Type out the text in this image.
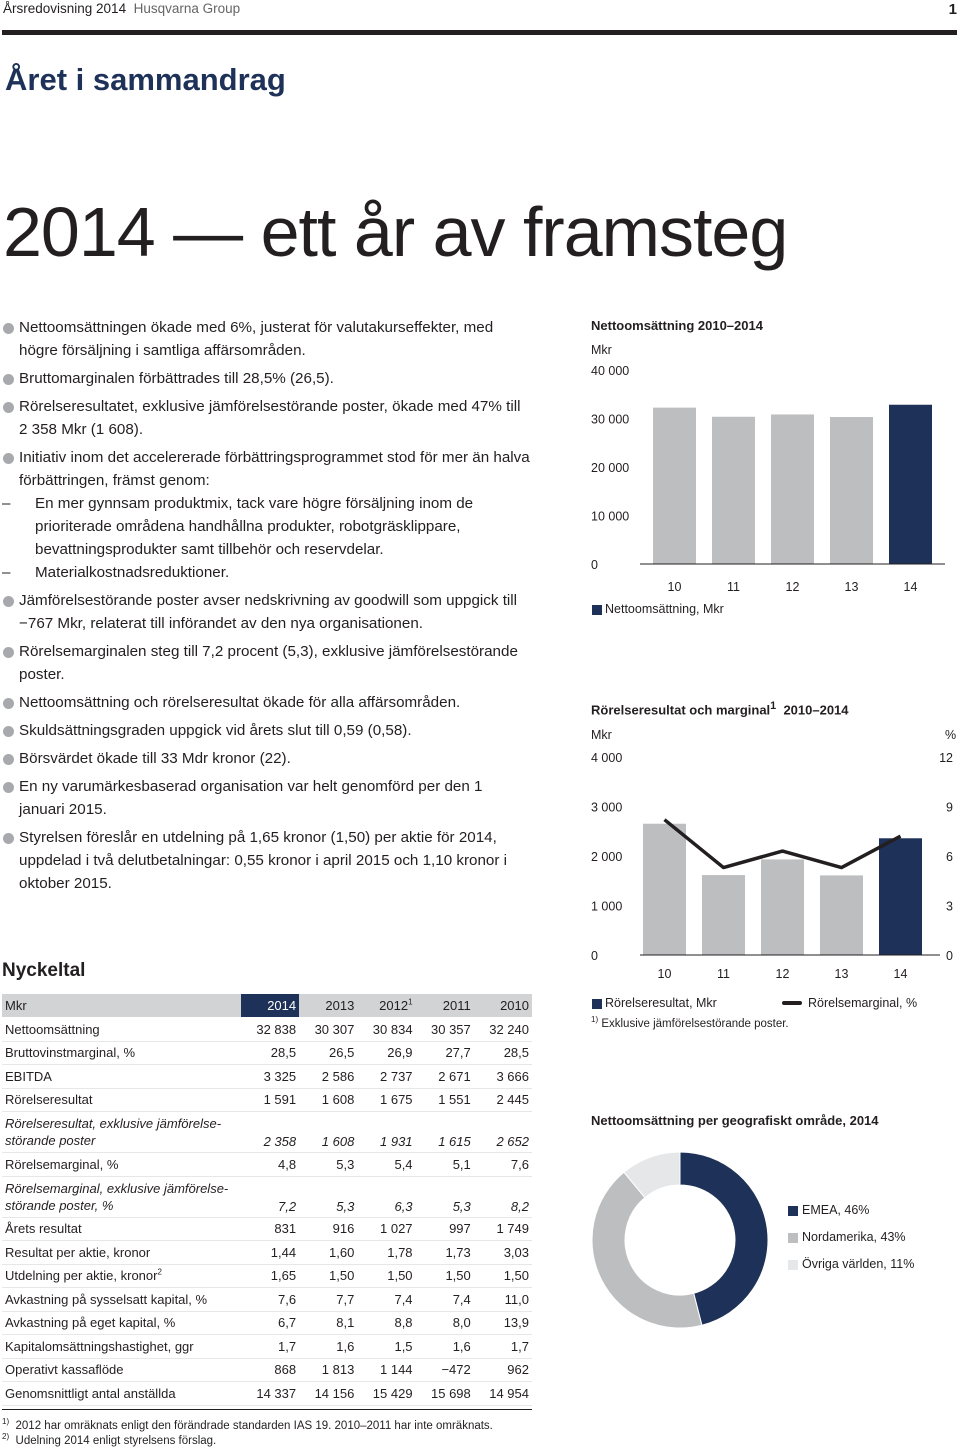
Årsredovisning 2014 Husqvarna Group	1
Året i sammandrag
2014 — ett år av framsteg
Nettoomsättningen ökade med 6%, justerat för valutakurseffekter, med högre försäljning i samtliga affärsområden.
Bruttomarginalen förbättrades till 28,5% (26,5).
Rörelseresultatet, exklusive jämförelsestörande poster, ökade med 47% till 2 358 Mkr (1 608).
Initiativ inom det accelererade förbättringsprogrammet stod för mer än halva förbättringen, främst genom:
– En mer gynnsam produktmix, tack vare högre försäljning inom de prioriterade områdena handhållna produkter, robotgräsklippare, bevattningsprodukter samt tillbehör och reservdelar.
– Materialkostnadsreduktioner.
Jämförelsestörande poster avser nedskrivning av goodwill som uppgick till −767 Mkr, relaterat till införandet av den nya organisationen.
Rörelsemarginalen steg till 7,2 procent (5,3), exklusive jämförelsestörande poster.
Nettoomsättning och rörelseresultat ökade för alla affärsområden.
Skuldsättningsgraden uppgick vid årets slut till 0,59 (0,58).
Börsvärdet ökade till 33 Mdr kronor (22).
En ny varumärkesbaserad organisation var helt genomförd per den 1 januari 2015.
Styrelsen föreslår en utdelning på 1,65 kronor (1,50) per aktie för 2014, uppdelad i två delutbetalningar: 0,55 kronor i april 2015 och 1,10 kronor i oktober 2015.
Nettoomsättning 2010–2014
Mkr
0
10 000
20 000
30 000
40 000
10	11	12	13	14
Nettoomsättning, Mkr
Rörelseresultat och marginal$^1$ 2010–2014
Mkr	%
0
1 000
2 000
3 000
4 000
0
3
6
9
12
10	11	12	13	14
Rörelseresultat, Mkr	Rörelsemarginal, %
$^{1)}$ Exklusive jämförelsestörande poster.
Nettoomsättning per geografiskt område, 2014
EMEA, 46%
Nordamerika, 43%
Övriga världen, 11%
Nyckeltal
Mkr	2014	2013	2012$^1$	2011	2010
Nettoomsättning	32 838	30 307	30 834	30 357	32 240
Bruttovinstmarginal, %	28,5	26,5	26,9	27,7	28,5
EBITDA	3 325	2 586	2 737	2 671	3 666
Rörelseresultat	1 591	1 608	1 675	1 551	2 445
Rörelseresultat, exklusive jämförelse-störande poster	2 358	1 608	1 931	1 615	2 652
Rörelsemarginal, %	4,8	5,3	5,4	5,1	7,6
Rörelsemarginal, exklusive jämförelse-störande poster, %	7,2	5,3	6,3	5,3	8,2
Årets resultat	831	916	1 027	997	1 749
Resultat per aktie, kronor	1,44	1,60	1,78	1,73	3,03
Utdelning per aktie, kronor$^2$	1,65	1,50	1,50	1,50	1,50
Avkastning på sysselsatt kapital, %	7,6	7,7	7,4	7,4	11,0
Avkastning på eget kapital, %	6,7	8,1	8,8	8,0	13,9
Kapitalomsättningshastighet, ggr	1,7	1,6	1,5	1,6	1,7
Operativt kassaflöde	868	1 813	1 144	−472	962
Genomsnittligt antal anställda	14 337	14 156	15 429	15 698	14 954
$^{1)}$ 2012 har omräknats enligt den förändrade standarden IAS 19. 2010–2011 har inte omräknats.
$^{2)}$ Udelning 2014 enligt styrelsens förslag.
